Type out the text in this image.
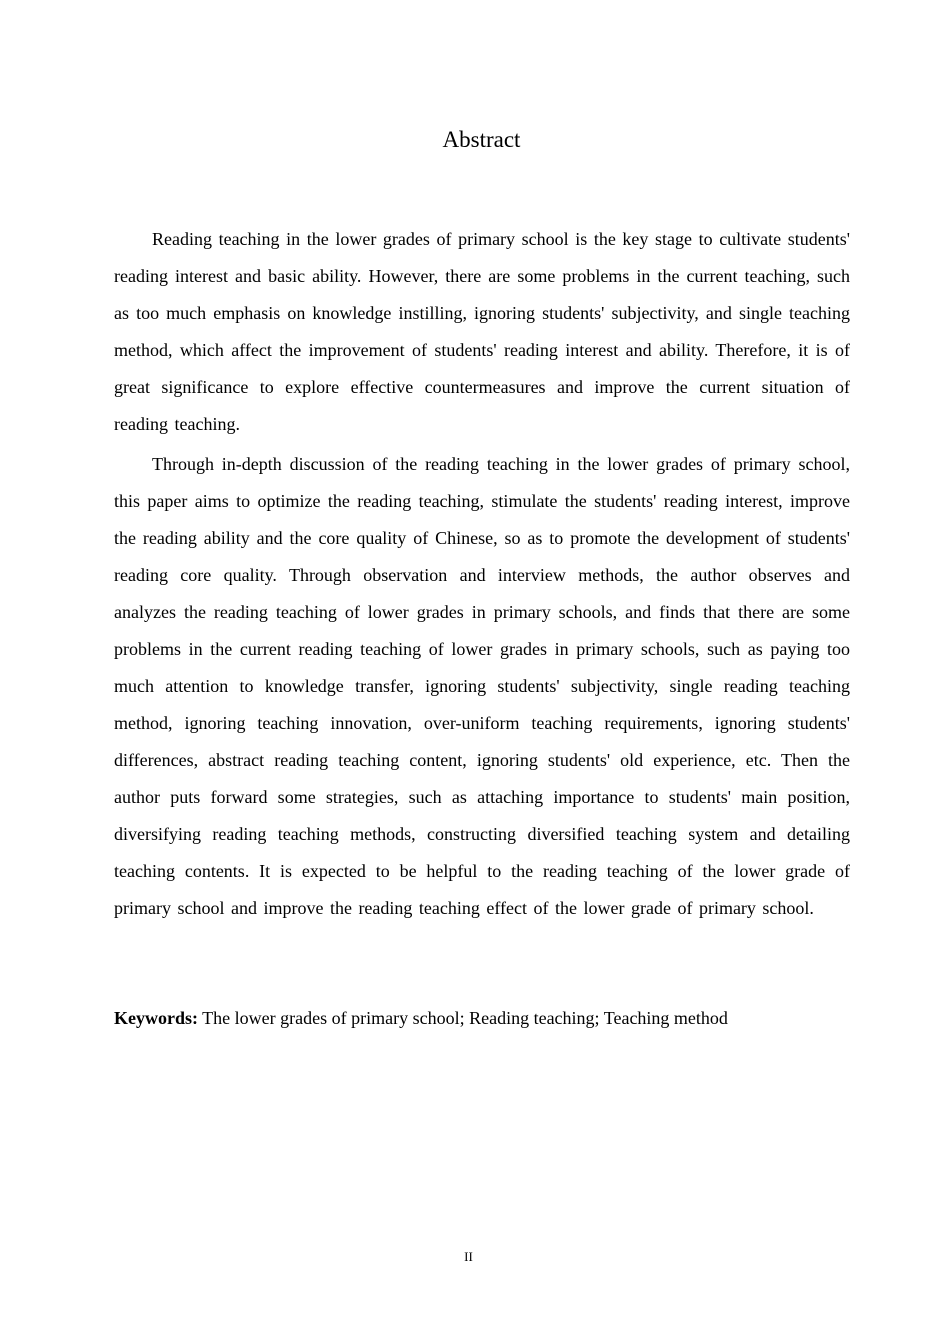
Abstract

Reading teaching in the lower grades of primary school is the key stage to cultivate students' reading interest and basic ability. However, there are some problems in the current teaching, such as too much emphasis on knowledge instilling, ignoring students' subjectivity, and single teaching method, which affect the improvement of students' reading interest and ability. Therefore, it is of great significance to explore effective countermeasures and improve the current situation of reading teaching.

Through in-depth discussion of the reading teaching in the lower grades of primary school, this paper aims to optimize the reading teaching, stimulate the students' reading interest, improve the reading ability and the core quality of Chinese, so as to promote the development of students' reading core quality. Through observation and interview methods, the author observes and analyzes the reading teaching of lower grades in primary schools, and finds that there are some problems in the current reading teaching of lower grades in primary schools, such as paying too much attention to knowledge transfer, ignoring students' subjectivity, single reading teaching method, ignoring teaching innovation, over-uniform teaching requirements, ignoring students' differences, abstract reading teaching content, ignoring students' old experience, etc. Then the author puts forward some strategies, such as attaching importance to students' main position, diversifying reading teaching methods, constructing diversified teaching system and detailing teaching contents. It is expected to be helpful to the reading teaching of the lower grade of primary school and improve the reading teaching effect of the lower grade of primary school.

Keywords: The lower grades of primary school; Reading teaching; Teaching method

II
